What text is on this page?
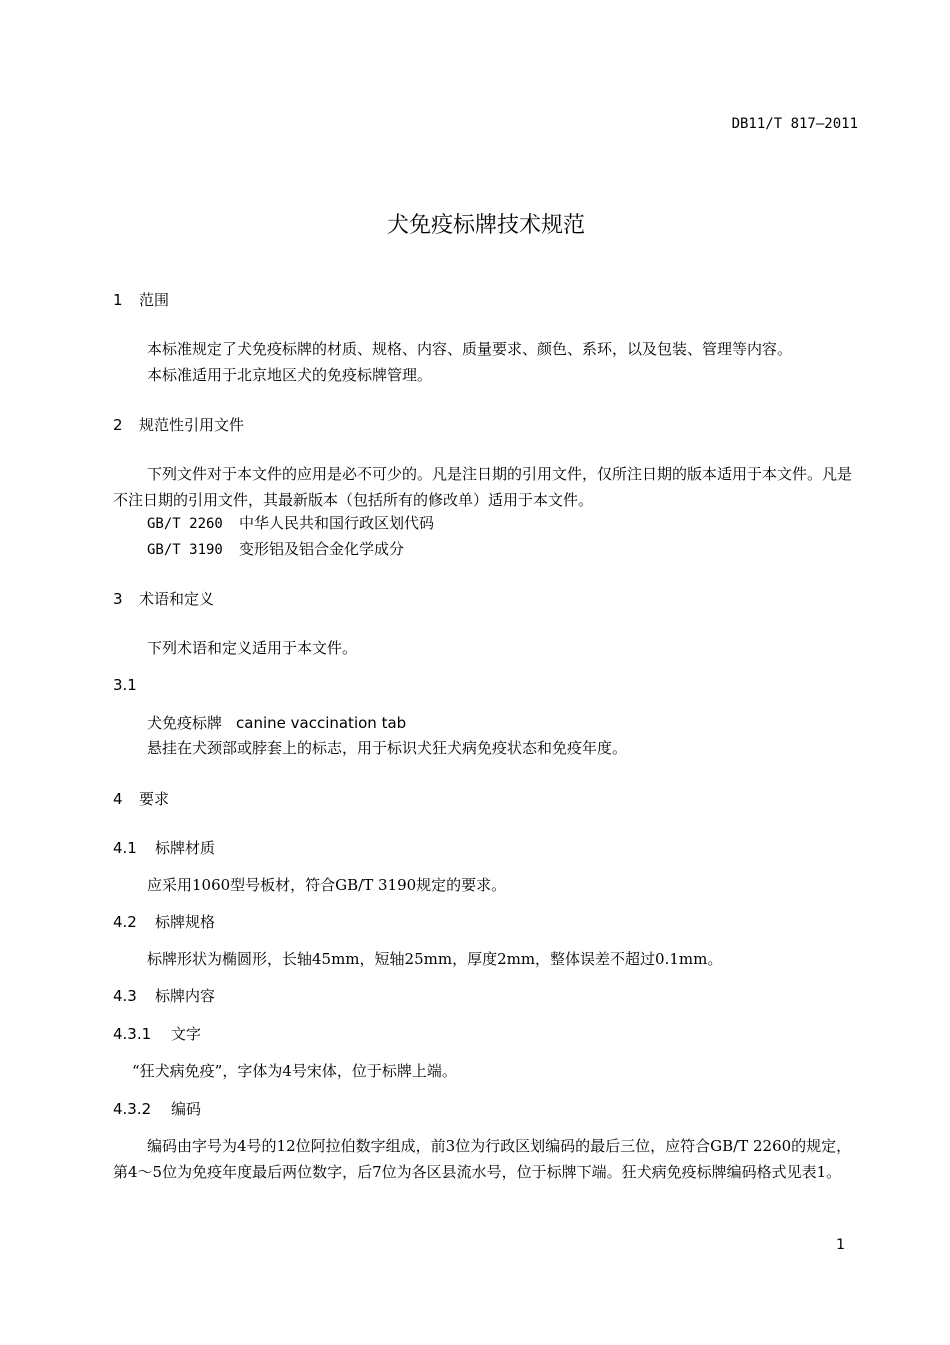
DB11/T 817—2011
犬免疫标牌技术规范
1 范围
本标准规定了犬免疫标牌的材质、规格、内容、质量要求、颜色、系环，以及包装、管理等内容。
本标准适用于北京地区犬的免疫标牌管理。
2 规范性引用文件
下列文件对于本文件的应用是必不可少的。凡是注日期的引用文件，仅所注日期的版本适用于本文件。凡是不注日期的引用文件，其最新版本（包括所有的修改单）适用于本文件。
GB/T 2260 中华人民共和国行政区划代码
GB/T 3190 变形铝及铝合金化学成分
3 术语和定义
下列术语和定义适用于本文件。
3.1
犬免疫标牌 canine vaccination tab
悬挂在犬颈部或脖套上的标志，用于标识犬狂犬病免疫状态和免疫年度。
4 要求
4.1 标牌材质
应采用1060型号板材，符合GB/T 3190规定的要求。
4.2 标牌规格
标牌形状为椭圆形，长轴45mm，短轴25mm，厚度2mm，整体误差不超过0.1mm。
4.3 标牌内容
4.3.1 文字
“狂犬病免疫”，字体为4号宋体，位于标牌上端。
4.3.2 编码
编码由字号为4号的12位阿拉伯数字组成，前3位为行政区划编码的最后三位，应符合GB/T 2260的规定，第4～5位为免疫年度最后两位数字，后7位为各区县流水号，位于标牌下端。狂犬病免疫标牌编码格式见表1。
1
